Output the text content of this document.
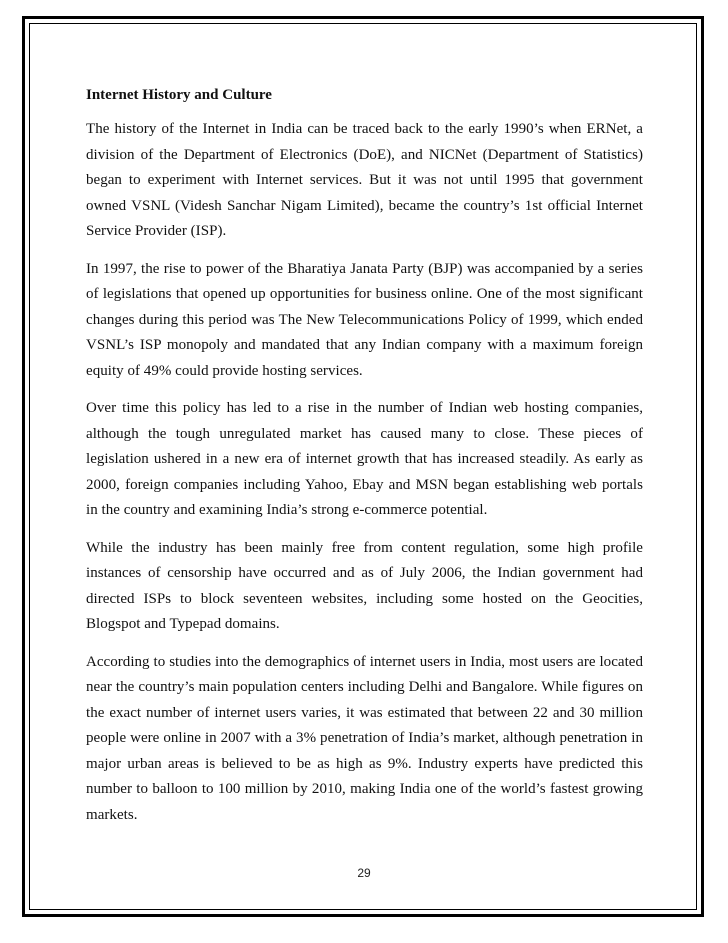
Internet History and Culture

The history of the Internet in India can be traced back to the early 1990’s when ERNet, a division of the Department of Electronics (DoE), and NICNet (Department of Statistics) began to experiment with Internet services. But it was not until 1995 that government owned VSNL (Videsh Sanchar Nigam Limited), became the country’s 1st official Internet Service Provider (ISP).

In 1997, the rise to power of the Bharatiya Janata Party (BJP) was accompanied by a series of legislations that opened up opportunities for business online. One of the most significant changes during this period was The New Telecommunications Policy of 1999, which ended VSNL’s ISP monopoly and mandated that any Indian company with a maximum foreign equity of 49% could provide hosting services.

Over time this policy has led to a rise in the number of Indian web hosting companies, although the tough unregulated market has caused many to close. These pieces of legislation ushered in a new era of internet growth that has increased steadily. As early as 2000, foreign companies including Yahoo, Ebay and MSN began establishing web portals in the country and examining India’s strong e-commerce potential.

While the industry has been mainly free from content regulation, some high profile instances of censorship have occurred and as of July 2006, the Indian government had directed ISPs to block seventeen websites, including some hosted on the Geocities, Blogspot and Typepad domains.

According to studies into the demographics of internet users in India, most users are located near the country’s main population centers including Delhi and Bangalore. While figures on the exact number of internet users varies, it was estimated that between 22 and 30 million people were online in 2007 with a 3% penetration of India’s market, although penetration in major urban areas is believed to be as high as 9%. Industry experts have predicted this number to balloon to 100 million by 2010, making India one of the world’s fastest growing markets.

29
